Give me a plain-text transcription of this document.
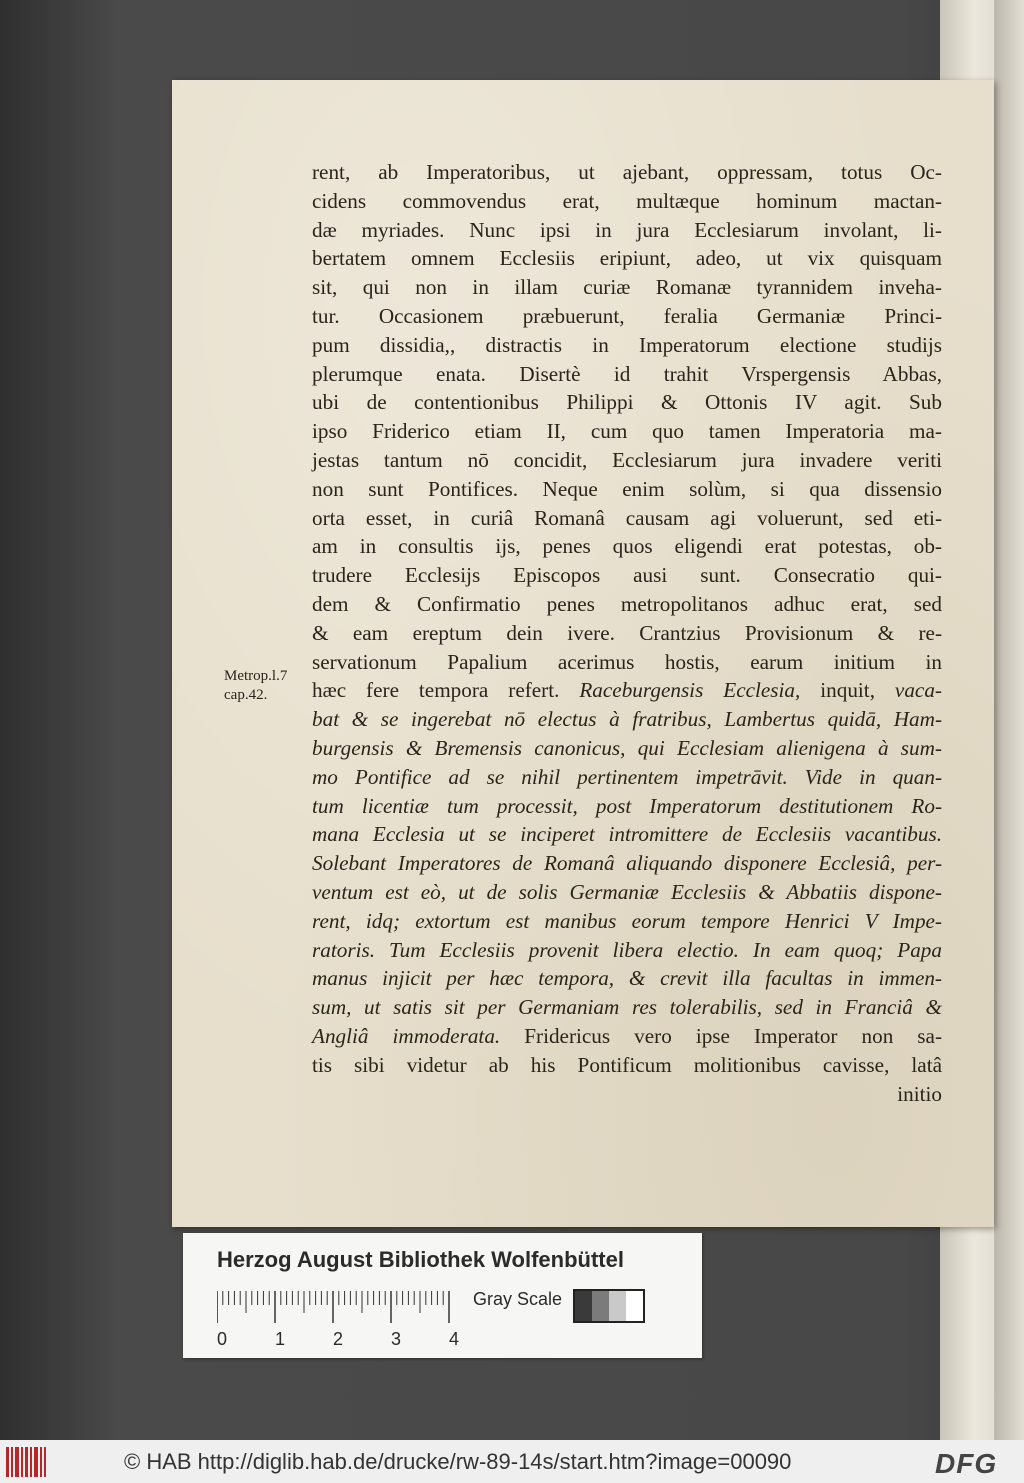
Metrop.l.7
cap.42.
rent, ab Imperatoribus, ut ajebant, oppressam, totus Oc-
cidens commovendus erat, multæque hominum mactan-
dæ myriades. Nunc ipsi in jura Ecclesiarum involant, li-
bertatem omnem Ecclesiis eripiunt, adeo, ut vix quisquam
sit, qui non in illam curiæ Romanæ tyrannidem inveha-
tur. Occasionem præbuerunt, feralia Germaniæ Princi-
pum dissidia,, distractis in Imperatorum electione studijs
plerumque enata. Disertè id trahit Vrspergensis Abbas,
ubi de contentionibus Philippi & Ottonis IV agit. Sub
ipso Friderico etiam II, cum quo tamen Imperatoria ma-
jestas tantum nō concidit, Ecclesiarum jura invadere veriti
non sunt Pontifices. Neque enim solùm, si qua dissensio
orta esset, in curiâ Romanâ causam agi voluerunt, sed eti-
am in consultis ijs, penes quos eligendi erat potestas, ob-
trudere Ecclesijs Episcopos ausi sunt. Consecratio qui-
dem & Confirmatio penes metropolitanos adhuc erat, sed
& eam ereptum dein ivere. Crantzius Provisionum & re-
servationum Papalium acerimus hostis, earum initium in
hæc fere tempora refert. Raceburgensis Ecclesia, inquit, vaca-
bat & se ingerebat nō electus à fratribus, Lambertus quidā, Ham-
burgensis & Bremensis canonicus, qui Ecclesiam alienigena à sum-
mo Pontifice ad se nihil pertinentem impetrāvit. Vide in quan-
tum licentiæ tum processit, post Imperatorum destitutionem Ro-
mana Ecclesia ut se inciperet intromittere de Ecclesiis vacantibus.
Solebant Imperatores de Romanâ aliquando disponere Ecclesiâ, per-
ventum est eò, ut de solis Germaniæ Ecclesiis & Abbatiis dispone-
rent, idq; extortum est manibus eorum tempore Henrici V Impe-
ratoris. Tum Ecclesiis provenit libera electio. In eam quoq; Papa
manus injicit per hæc tempora, & crevit illa facultas in immen-
sum, ut satis sit per Germaniam res tolerabilis, sed in Franciâ &
Angliâ immoderata. Fridericus vero ipse Imperator non sa-
tis sibi videtur ab his Pontificum molitionibus cavisse, latâ
initio
Herzog August Bibliothek Wolfenbüttel
0	1	2	3	4
Gray Scale
© HAB http://diglib.hab.de/drucke/rw-89-14s/start.htm?image=00090	DFG
